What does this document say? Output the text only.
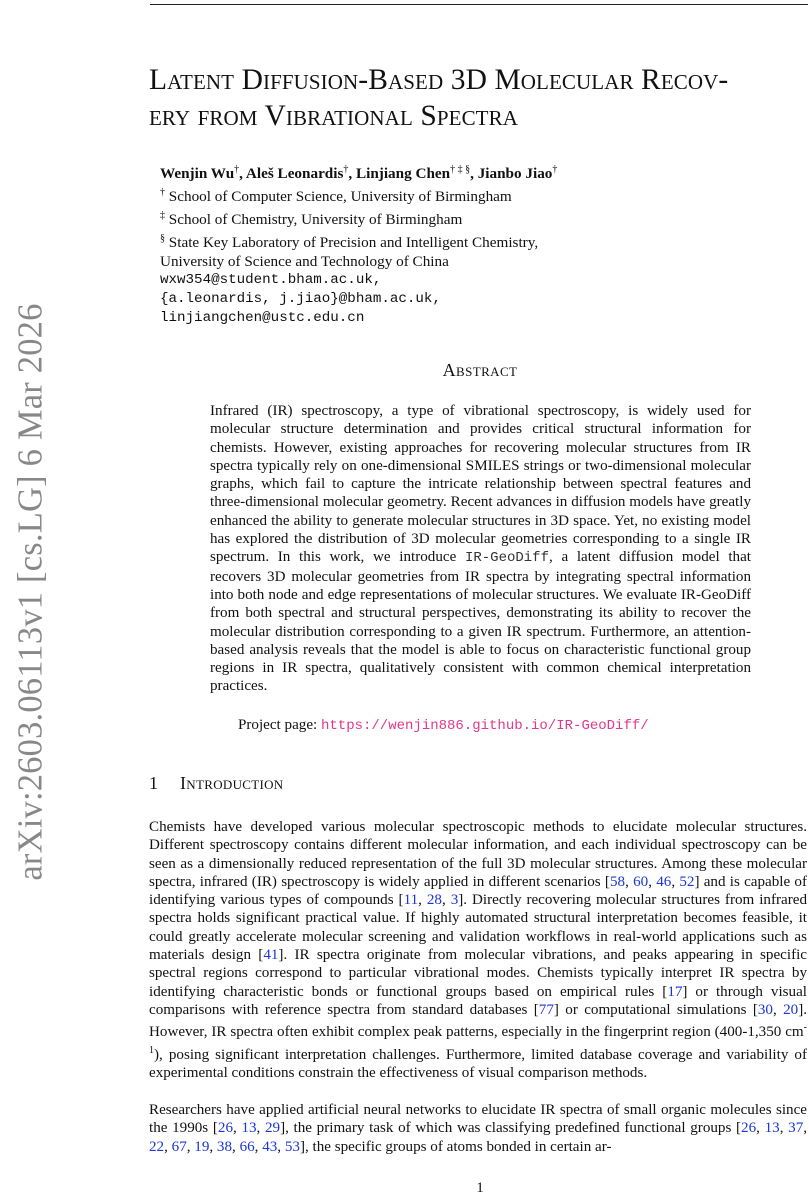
arXiv:2603.06113v1 [cs.LG] 6 Mar 2026
Latent Diffusion-Based 3D Molecular Recov-
ery from Vibrational Spectra
Wenjin Wu†, Aleš Leonardis†, Linjiang Chen† ‡ §, Jianbo Jiao†
† School of Computer Science, University of Birmingham
‡ School of Chemistry, University of Birmingham
§ State Key Laboratory of Precision and Intelligent Chemistry,
University of Science and Technology of China
wxw354@student.bham.ac.uk,
{a.leonardis, j.jiao}@bham.ac.uk,
linjiangchen@ustc.edu.cn
Abstract
Infrared (IR) spectroscopy, a type of vibrational spectroscopy, is widely used for molecular structure determination and provides critical structural information for chemists. However, existing approaches for recovering molecular structures from IR spectra typically rely on one-dimensional SMILES strings or two-dimensional molecular graphs, which fail to capture the intricate relationship between spectral features and three-dimensional molecular geometry. Recent advances in diffusion models have greatly enhanced the ability to generate molecular structures in 3D space. Yet, no existing model has explored the distribution of 3D molecular geometries corresponding to a single IR spectrum. In this work, we introduce IR-GeoDiff, a latent diffusion model that recovers 3D molecular geometries from IR spectra by integrating spectral information into both node and edge representations of molecular structures. We evaluate IR-GeoDiff from both spectral and structural perspectives, demonstrating its ability to recover the molecular distribution corresponding to a given IR spectrum. Furthermore, an attention-based analysis reveals that the model is able to focus on characteristic functional group regions in IR spectra, qualitatively consistent with common chemical interpretation practices.
Project page: https://wenjin886.github.io/IR-GeoDiff/
1 Introduction
Chemists have developed various molecular spectroscopic methods to elucidate molecular structures. Different spectroscopy contains different molecular information, and each individual spectroscopy can be seen as a dimensionally reduced representation of the full 3D molecular structures. Among these molecular spectra, infrared (IR) spectroscopy is widely applied in different scenarios [58, 60, 46, 52] and is capable of identifying various types of compounds [11, 28, 3]. Directly recovering molecular structures from infrared spectra holds significant practical value. If highly automated structural interpretation becomes feasible, it could greatly accelerate molecular screening and validation workflows in real-world applications such as materials design [41]. IR spectra originate from molecular vibrations, and peaks appearing in specific spectral regions correspond to particular vibrational modes. Chemists typically interpret IR spectra by identifying characteristic bonds or functional groups based on empirical rules [17] or through visual comparisons with reference spectra from standard databases [77] or computational simulations [30, 20]. However, IR spectra often exhibit complex peak patterns, especially in the fingerprint region (400-1,350 $cm^{-1}$), posing significant interpretation challenges. Furthermore, limited database coverage and variability of experimental conditions constrain the effectiveness of visual comparison methods.
Researchers have applied artificial neural networks to elucidate IR spectra of small organic molecules since the 1990s [26, 13, 29], the primary task of which was classifying predefined functional groups [26, 13, 37, 22, 67, 19, 38, 66, 43, 53], the specific groups of atoms bonded in certain ar-
1
